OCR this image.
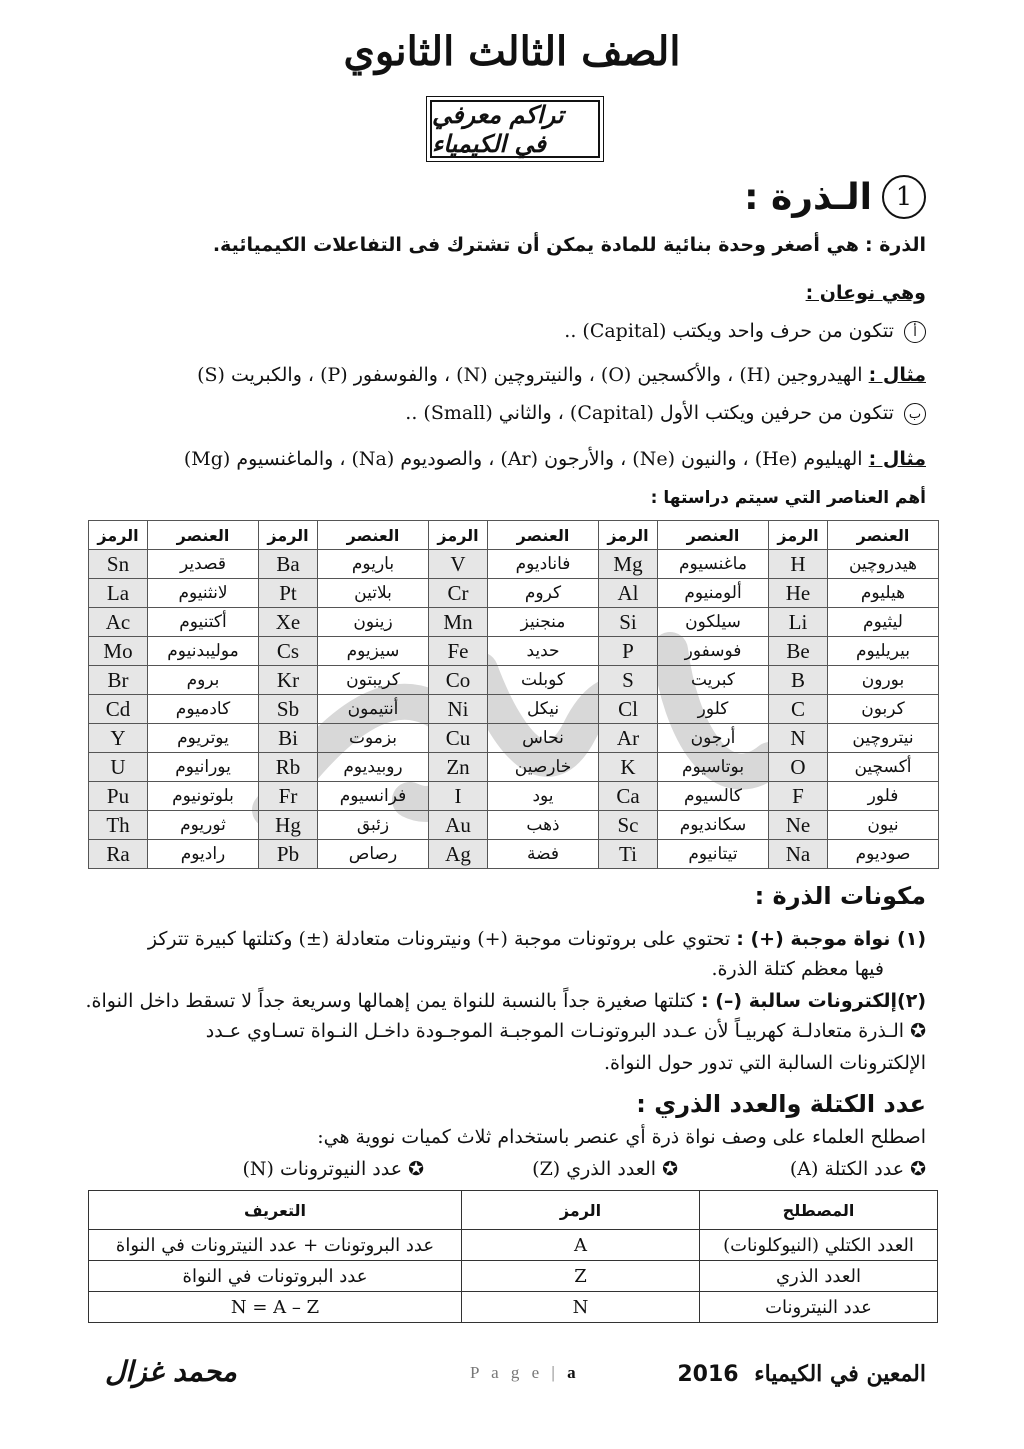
الصف الثالث الثانوي
تراكم معرفي في الكيمياء
1
الـذرة :
الذرة : هي أصغر وحدة بنائية للمادة يمكن أن تشترك فى التفاعلات الكيميائية.
وهي نوعان :
أ تتكون من حرف واحد ويكتب (Capital) ..
مثال : الهيدروجين (H) ، والأكسجين (O) ، والنيتروچين (N) ، والفوسفور (P) ، والكبريت (S)
ب تتكون من حرفين ويكتب الأول (Capital) ، والثاني (Small) ..
مثال : الهيليوم (He) ، والنيون (Ne) ، والأرجون (Ar) ، والصوديوم (Na) ، والماغنسيوم (Mg)
أهم العناصر التي سيتم دراستها :
العنصر	الرمز	العنصر	الرمز	العنصر	الرمز	العنصر	الرمز	العنصر	الرمز
هيدروچين	H	ماغنسيوم	Mg	فاناديوم	V	باريوم	Ba	قصدير	Sn
هيليوم	He	ألومنيوم	Al	كروم	Cr	بلاتين	Pt	لانثنيوم	La
ليثيوم	Li	سيلكون	Si	منجنيز	Mn	زينون	Xe	أكتنيوم	Ac
بيريليوم	Be	فوسفور	P	حديد	Fe	سيزيوم	Cs	موليبدنيوم	Mo
بورون	B	كبريت	S	كوبلت	Co	كريبتون	Kr	بروم	Br
كربون	C	كلور	Cl	نيكل	Ni	أنتيمون	Sb	كادميوم	Cd
نيتروچين	N	أرجون	Ar	نحاس	Cu	بزموت	Bi	يوتريوم	Y
أكسچين	O	بوتاسيوم	K	خارصين	Zn	روبيديوم	Rb	يورانيوم	U
فلور	F	كالسيوم	Ca	يود	I	فرانسيوم	Fr	بلوتونيوم	Pu
نيون	Ne	سكانديوم	Sc	ذهب	Au	زئبق	Hg	ثوريوم	Th
صوديوم	Na	تيتانيوم	Ti	فضة	Ag	رصاص	Pb	راديوم	Ra
مكونات الذرة :
(١) نواة موجبة (+) : تحتوي على بروتونات موجبة (+) ونيترونات متعادلة (±) وكتلتها كبيرة تتركز
فيها معظم كتلة الذرة.
(٢)إلكترونات سالبة (–) : كتلتها صغيرة جداً بالنسبة للنواة يمن إهمالها وسريعة جداً لا تسقط داخل النواة.
✪ الـذرة متعادلـة كهربيـاً لأن عـدد البروتونـات الموجبـة الموجـودة داخـل النـواة تسـاوي عـدد
الإلكترونات السالبة التي تدور حول النواة.
عدد الكتلة والعدد الذري :
اصطلح العلماء على وصف نواة ذرة أي عنصر باستخدام ثلاث كميات نووية هي:
✪ عدد الكتلة (A)
✪ العدد الذري (Z)
✪ عدد النيوترونات (N)
المصطلح	الرمز	التعريف
العدد الكتلي (النيوكلونات)	A	عدد البروتونات + عدد النيترونات في النواة
العدد الذري	Z	عدد البروتونات في النواة
عدد النيترونات	N	N = A – Z
محمد غزال	P a g e | a	المعين في الكيمياء 2016
